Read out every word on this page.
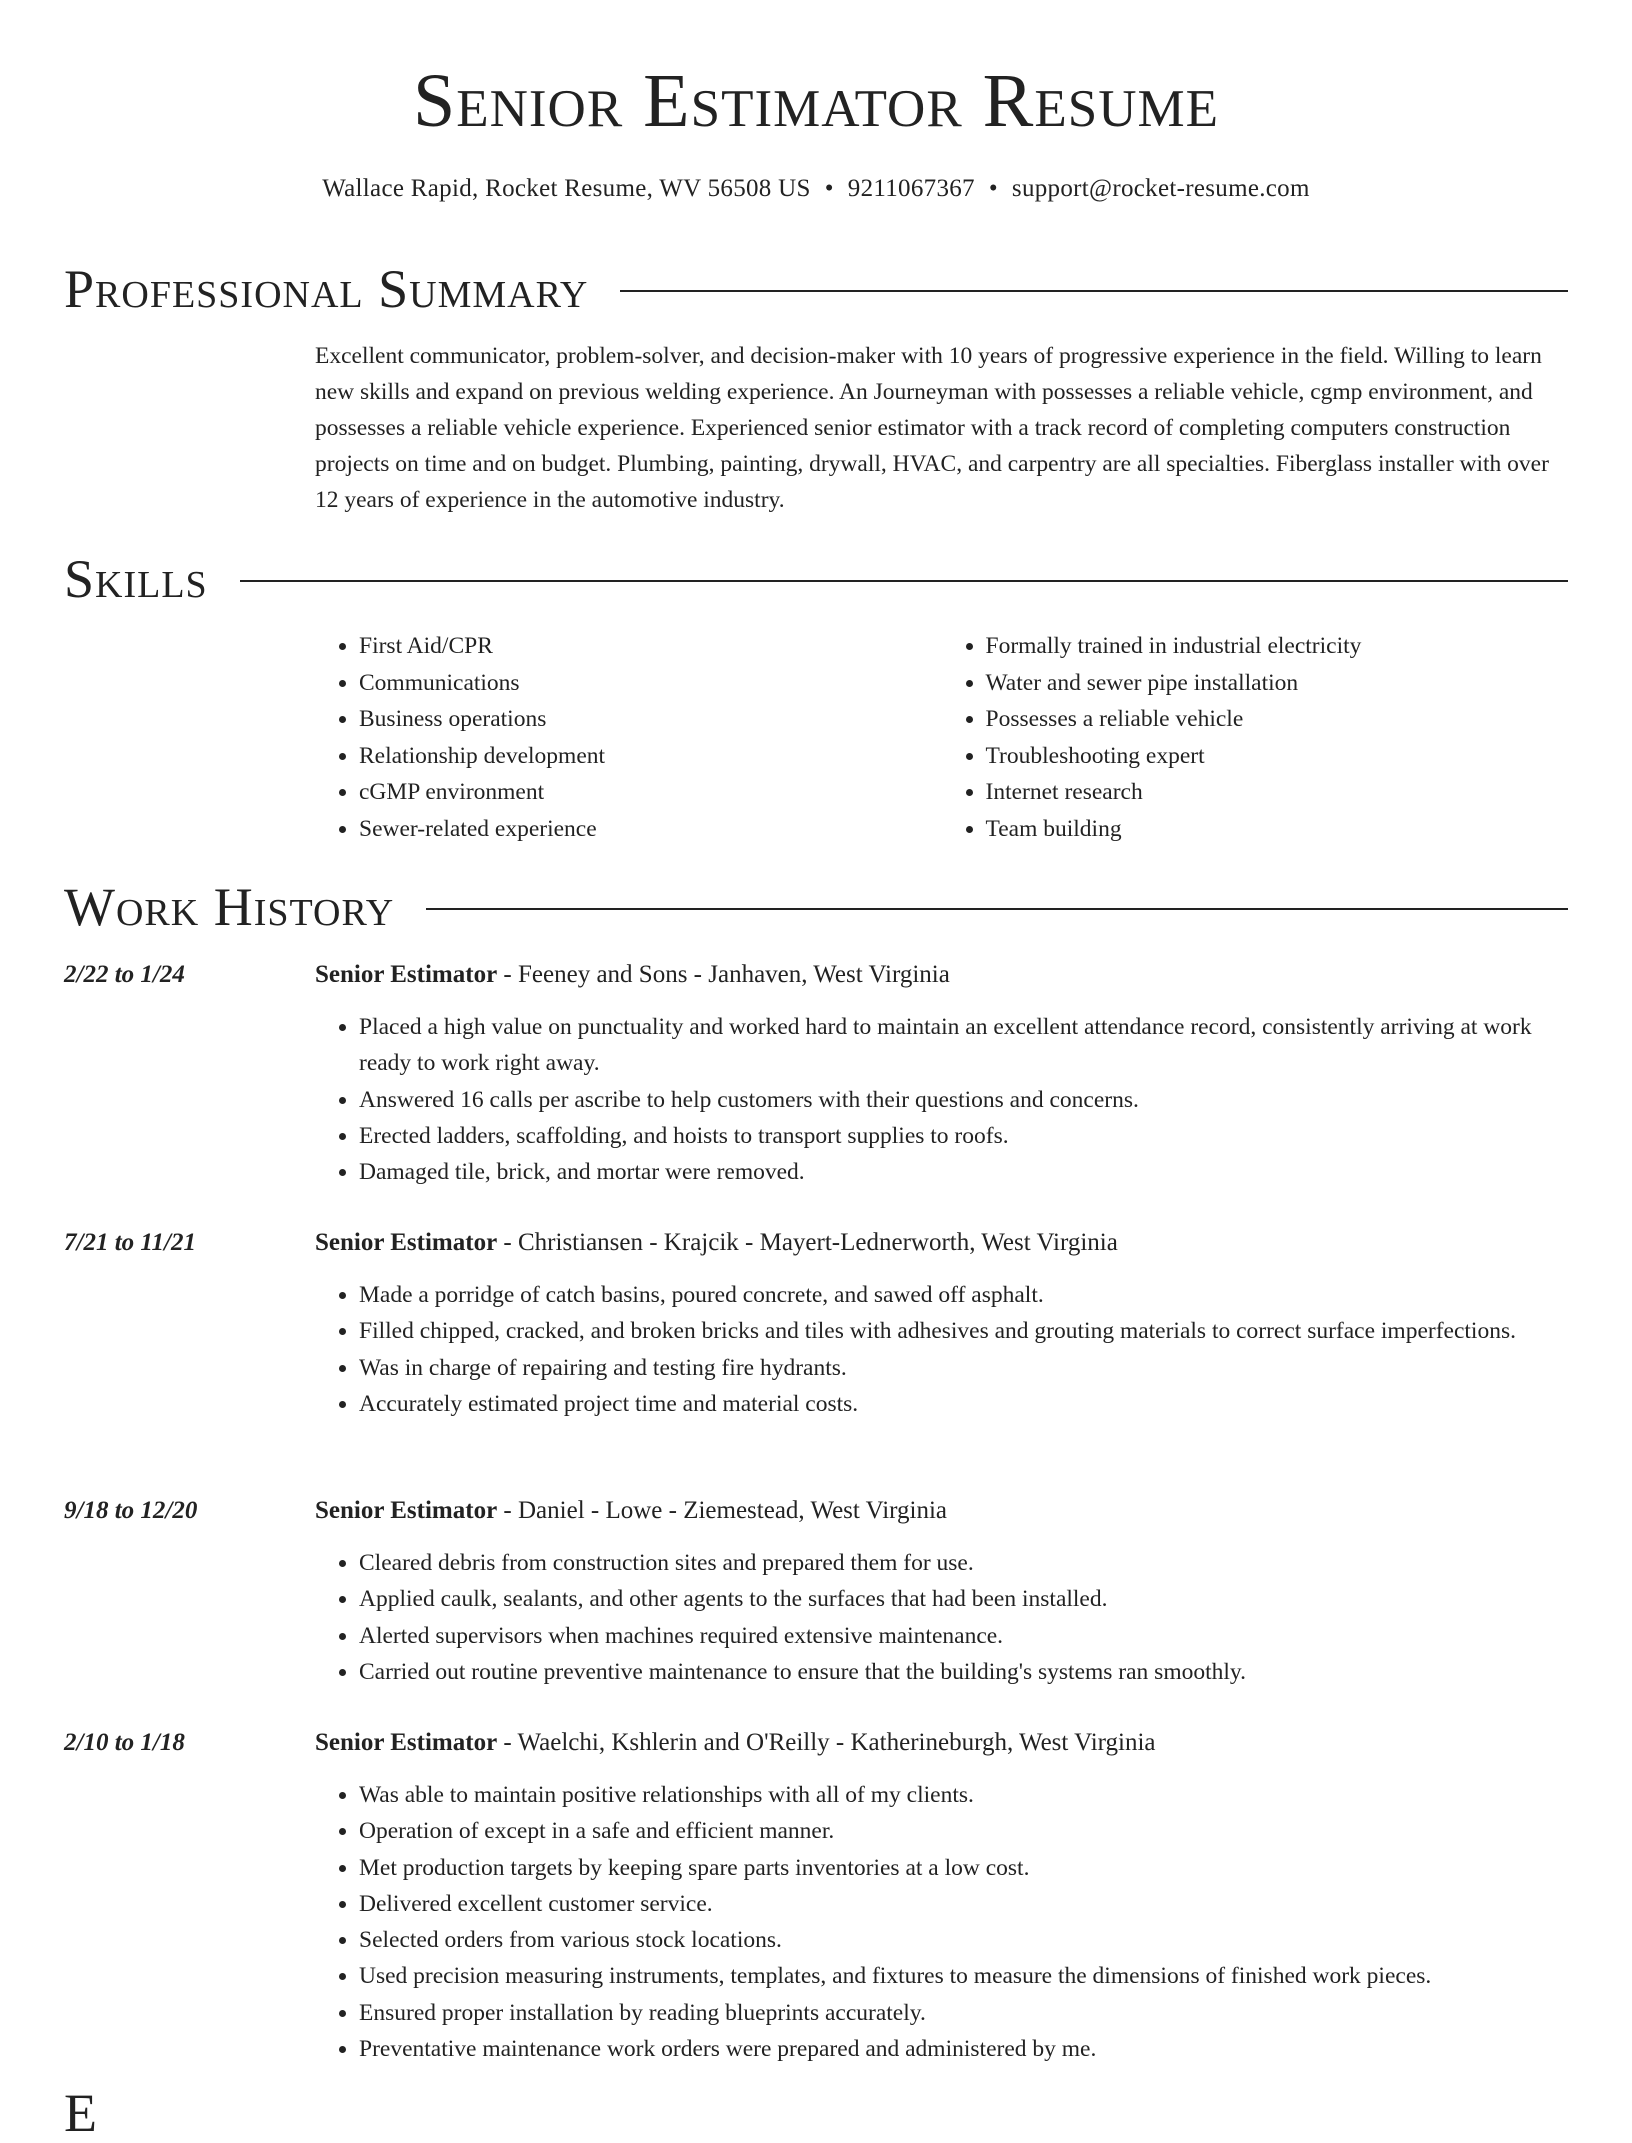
Senior Estimator Resume
Wallace Rapid, Rocket Resume, WV 56508 US • 9211067367 • support@rocket-resume.com
Professional Summary

Excellent communicator, problem-solver, and decision-maker with 10 years of progressive experience in the field. Willing to learn new skills and expand on previous welding experience. An Journeyman with possesses a reliable vehicle, cgmp environment, and possesses a reliable vehicle experience. Experienced senior estimator with a track record of completing computers construction projects on time and on budget. Plumbing, painting, drywall, HVAC, and carpentry are all specialties. Fiberglass installer with over 12 years of experience in the automotive industry.

Skills
• First Aid/CPR
• Communications
• Business operations
• Relationship development
• cGMP environment
• Sewer-related experience
• Formally trained in industrial electricity
• Water and sewer pipe installation
• Possesses a reliable vehicle
• Troubleshooting expert
• Internet research
• Team building
Work History
2/22 to 1/24	Senior Estimator - Feeney and Sons - Janhaven, West Virginia
• Placed a high value on punctuality and worked hard to maintain an excellent attendance record, consistently arriving at work ready to work right away.
• Answered 16 calls per ascribe to help customers with their questions and concerns.
• Erected ladders, scaffolding, and hoists to transport supplies to roofs.
• Damaged tile, brick, and mortar were removed.
7/21 to 11/21	Senior Estimator - Christiansen - Krajcik - Mayert-Lednerworth, West Virginia
• Made a porridge of catch basins, poured concrete, and sawed off asphalt.
• Filled chipped, cracked, and broken bricks and tiles with adhesives and grouting materials to correct surface imperfections.
• Was in charge of repairing and testing fire hydrants.
• Accurately estimated project time and material costs.
9/18 to 12/20	Senior Estimator - Daniel - Lowe - Ziemestead, West Virginia
• Cleared debris from construction sites and prepared them for use.
• Applied caulk, sealants, and other agents to the surfaces that had been installed.
• Alerted supervisors when machines required extensive maintenance.
• Carried out routine preventive maintenance to ensure that the building's systems ran smoothly.
2/10 to 1/18	Senior Estimator - Waelchi, Kshlerin and O'Reilly - Katherineburgh, West Virginia
• Was able to maintain positive relationships with all of my clients.
• Operation of except in a safe and efficient manner.
• Met production targets by keeping spare parts inventories at a low cost.
• Delivered excellent customer service.
• Selected orders from various stock locations.
• Used precision measuring instruments, templates, and fixtures to measure the dimensions of finished work pieces.
• Ensured proper installation by reading blueprints accurately.
• Preventative maintenance work orders were prepared and administered by me.
E
